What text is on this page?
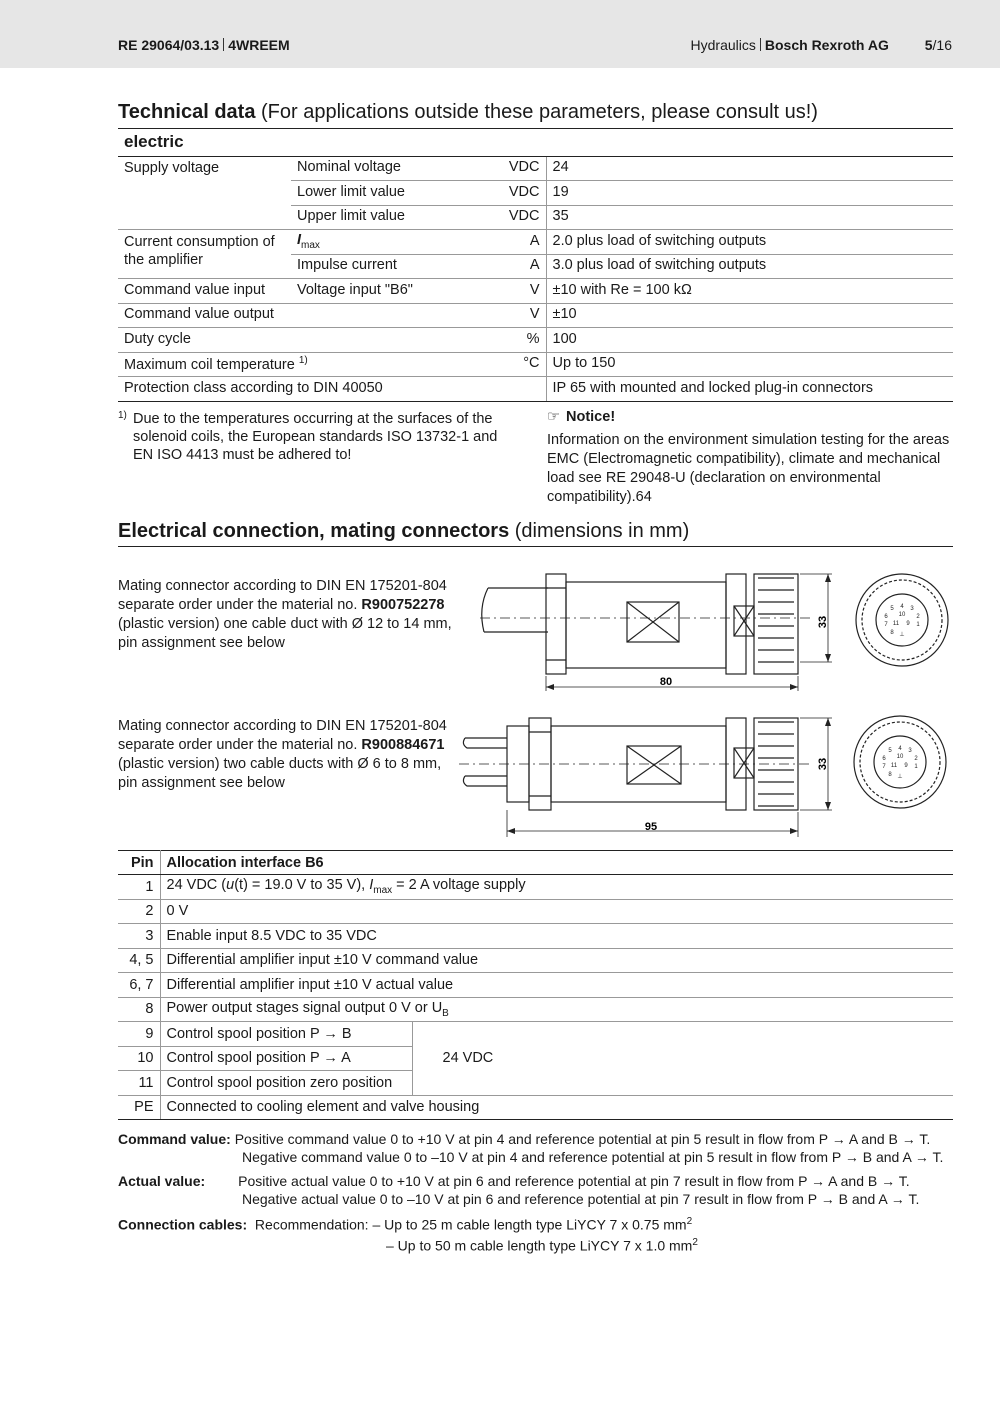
RE 29064/03.13 4WREEM	Hydraulics Bosch Rexroth AG	5/16
Technical data (For applications outside these parameters, please consult us!)
electric			
Supply voltage	Nominal voltage	VDC	24
	Lower limit value	VDC	19
	Upper limit value	VDC	35
Current consumption of the amplifier	$I_{max}$	A	2.0 plus load of switching outputs
	Impulse current	A	3.0 plus load of switching outputs
Command value input	Voltage input "B6"	V	±10 with Re = 100 kΩ
Command value output		V	±10
Duty cycle		%	100
Maximum coil temperature $^{1)}$		°C	Up to 150
Protection class according to DIN 40050			IP 65 with mounted and locked plug-in connectors
1) Due to the temperatures occurring at the surfaces of the solenoid coils, the European standards ISO 13732-1 and EN ISO 4413 must be adhered to!
☞ Notice!
Information on the environment simulation testing for the areas EMC (Electromagnetic compatibility), climate and mechanical load see RE 29048-U (declaration on environmental compatibility).64
Electrical connection, mating connectors (dimensions in mm)
Mating connector according to DIN EN 175201-804
separate order under the material no. R900752278
(plastic version) one cable duct with Ø 12 to 14 mm,
pin assignment see below
80
33
4
5	3
6 10 2
7 11 9 1
8 ⊥
Mating connector according to DIN EN 175201-804
separate order under the material no. R900884671
(plastic version) two cable ducts with Ø 6 to 8 mm,
pin assignment see below
95
33
4
5	3
6 10 2
7 11 9 1
8 ⊥
Pin	Allocation interface B6	
1	24 VDC (u(t) = 19.0 V to 35 V), $I_{max} = 2$ A voltage supply	
2	0 V	
3	Enable input 8.5 VDC to 35 VDC	
4, 5	Differential amplifier input ±10 V command value	
6, 7	Differential amplifier input ±10 V actual value	
8	Power output stages signal output 0 V or $U_B$
9	Control spool position P → B	24 VDC
10	Control spool position P → A	
11	Control spool position zero position	
PE	Connected to cooling element and valve housing	
Command value: Positive command value 0 to +10 V at pin 4 and reference potential at pin 5 result in flow from P → A and B → T.
Negative command value 0 to –10 V at pin 4 and reference potential at pin 5 result in flow from P → B and A → T.
Actual value: Positive actual value 0 to +10 V at pin 6 and reference potential at pin 7 result in flow from P → A and B → T.
Negative actual value 0 to –10 V at pin 6 and reference potential at pin 7 result in flow from P → B and A → T.
Connection cables: Recommendation: – Up to 25 m cable length type LiYCY 7 x 0.75 $mm^2$
– Up to 50 m cable length type LiYCY 7 x 1.0 $mm^2$
